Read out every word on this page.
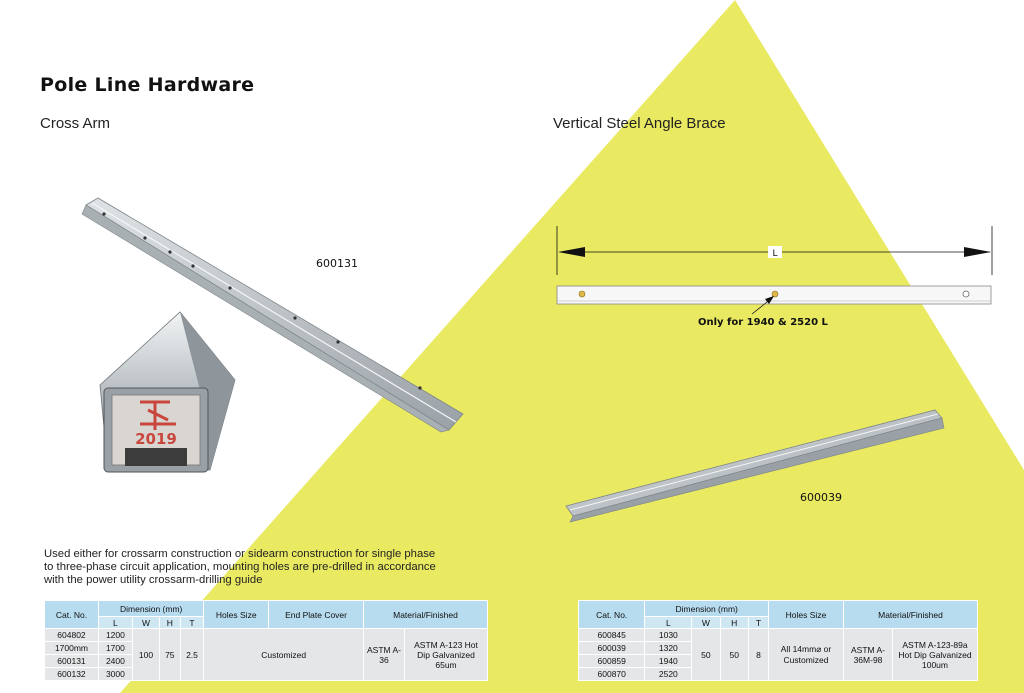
Pole Line Hardware
Cross Arm	Vertical Steel Angle Brace
2019
L
600131
600039
Only for 1940 & 2520 L
Used either for crossarm construction or sidearm construction for single phase to three-phase circuit application, mounting holes are pre-drilled in accordance with the power utility crossarm-drilling guide
Cat. No.	Dimension (mm)				Holes Size	End Plate Cover	Material/Finished	
	L	W	H	T				
604802	1200	100	75	2.5	Customized		ASTM A-36	ASTM A-123 Hot Dip Galvanized 65um
1700mm	1700							
600131	2400							
600132	3000							
Cat. No.	Dimension (mm)				Holes Size	Material/Finished	
	L	W	H	T			
600845	1030	50	50	8	All 14mm⌀ or Customized	ASTM A-36M-98	ASTM A-123-89a Hot Dip Galvanized 100um
600039	1320						
600859	1940						
600870	2520						
